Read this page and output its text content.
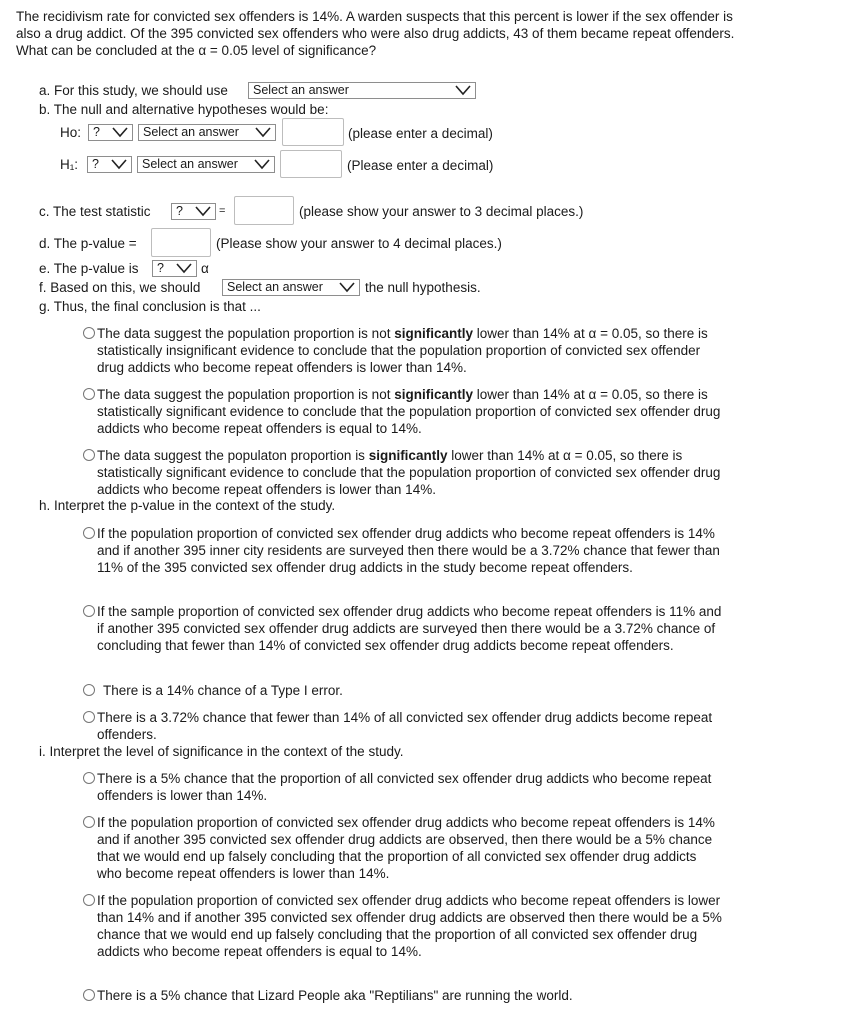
The recidivism rate for convicted sex offenders is 14%. A warden suspects that this percent is lower if the sex offender is also a drug addict. Of the 395 convicted sex offenders who were also drug addicts, 43 of them became repeat offenders. What can be concluded at the α = 0.05 level of significance?
a. For this study, we should use	Select an answer
b. The null and alternative hypotheses would be:
Ho: ?	Select an answer	(please enter a decimal)
H₁:	?	Select an answer	(Please enter a decimal)
c. The test statistic	?	=	(please show your answer to 3 decimal places.)
d. The p-value =	(Please show your answer to 4 decimal places.)
e. The p-value is	?	α
f. Based on this, we should	Select an answer	the null hypothesis.
g. Thus, the final conclusion is that ...
The data suggest the population proportion is not significantly lower than 14% at α = 0.05, so there is statistically insignificant evidence to conclude that the population proportion of convicted sex offender drug addicts who become repeat offenders is lower than 14%.
The data suggest the population proportion is not significantly lower than 14% at α = 0.05, so there is statistically significant evidence to conclude that the population proportion of convicted sex offender drug addicts who become repeat offenders is equal to 14%.
The data suggest the populaton proportion is significantly lower than 14% at α = 0.05, so there is statistically significant evidence to conclude that the population proportion of convicted sex offender drug addicts who become repeat offenders is lower than 14%.
h. Interpret the p-value in the context of the study.
If the population proportion of convicted sex offender drug addicts who become repeat offenders is 14% and if another 395 inner city residents are surveyed then there would be a 3.72% chance that fewer than 11% of the 395 convicted sex offender drug addicts in the study become repeat offenders.
If the sample proportion of convicted sex offender drug addicts who become repeat offenders is 11% and if another 395 convicted sex offender drug addicts are surveyed then there would be a 3.72% chance of concluding that fewer than 14% of convicted sex offender drug addicts become repeat offenders.
There is a 14% chance of a Type I error.
There is a 3.72% chance that fewer than 14% of all convicted sex offender drug addicts become repeat offenders.
i. Interpret the level of significance in the context of the study.
There is a 5% chance that the proportion of all convicted sex offender drug addicts who become repeat offenders is lower than 14%.
If the population proportion of convicted sex offender drug addicts who become repeat offenders is 14% and if another 395 convicted sex offender drug addicts are observed, then there would be a 5% chance that we would end up falsely concluding that the proportion of all convicted sex offender drug addicts who become repeat offenders is lower than 14%.
If the population proportion of convicted sex offender drug addicts who become repeat offenders is lower than 14% and if another 395 convicted sex offender drug addicts are observed then there would be a 5% chance that we would end up falsely concluding that the proportion of all convicted sex offender drug addicts who become repeat offenders is equal to 14%.
There is a 5% chance that Lizard People aka "Reptilians" are running the world.
